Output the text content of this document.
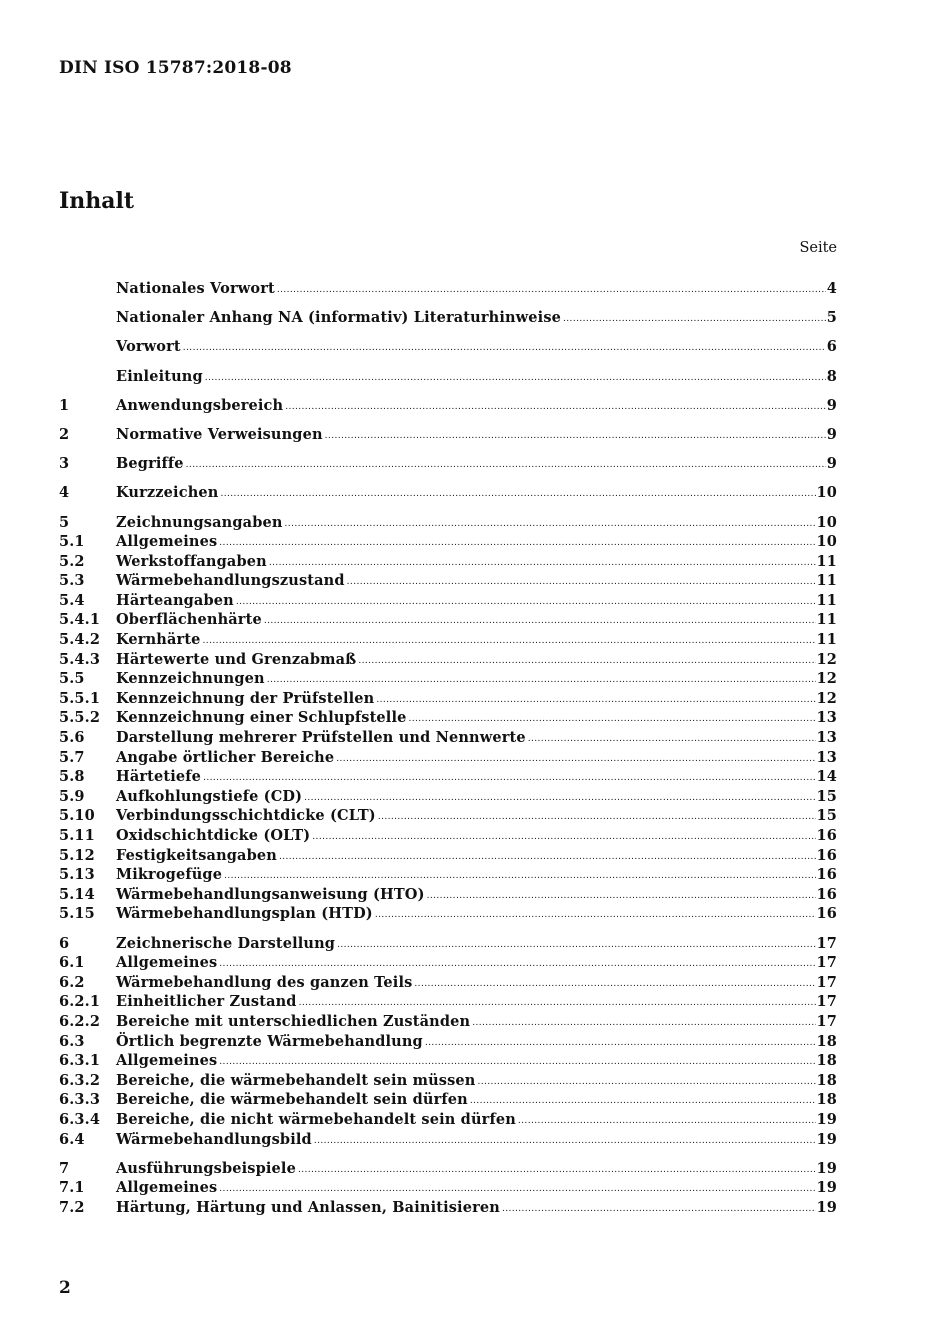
DIN ISO 15787:2018-08
Inhalt
Seite
Nationales Vorwort .....	4
Nationaler Anhang NA (informativ) Literaturhinweise .....	5
Vorwort .....	6
Einleitung .....	8
1	Anwendungsbereich .....	9
2	Normative Verweisungen .....	9
3	Begriffe .....	9
4	Kurzzeichen .....	10
5	Zeichnungsangaben .....	10
5.1	Allgemeines .....	10
5.2	Werkstoffangaben .....	11
5.3	Wärmebehandlungszustand .....	11
5.4	Härteangaben .....	11
5.4.1	Oberflächenhärte .....	11
5.4.2	Kernhärte .....	11
5.4.3	Härtewerte und Grenzabmaß .....	12
5.5	Kennzeichnungen .....	12
5.5.1	Kennzeichnung der Prüfstellen .....	12
5.5.2	Kennzeichnung einer Schlupfstelle .....	13
5.6	Darstellung mehrerer Prüfstellen und Nennwerte .....	13
5.7	Angabe örtlicher Bereiche .....	13
5.8	Härtetiefe .....	14
5.9	Aufkohlungstiefe (CD) .....	15
5.10	Verbindungsschichtdicke (CLT) .....	15
5.11	Oxidschichtdicke (OLT) .....	16
5.12	Festigkeitsangaben .....	16
5.13	Mikrogefüge .....	16
5.14	Wärmebehandlungsanweisung (HTO) .....	16
5.15	Wärmebehandlungsplan (HTD) .....	16
6	Zeichnerische Darstellung .....	17
6.1	Allgemeines .....	17
6.2	Wärmebehandlung des ganzen Teils .....	17
6.2.1	Einheitlicher Zustand .....	17
6.2.2	Bereiche mit unterschiedlichen Zuständen .....	17
6.3	Örtlich begrenzte Wärmebehandlung .....	18
6.3.1	Allgemeines .....	18
6.3.2	Bereiche, die wärmebehandelt sein müssen .....	18
6.3.3	Bereiche, die wärmebehandelt sein dürfen .....	18
6.3.4	Bereiche, die nicht wärmebehandelt sein dürfen .....	19
6.4	Wärmebehandlungsbild .....	19
7	Ausführungsbeispiele .....	19
7.1	Allgemeines .....	19
7.2	Härtung, Härtung und Anlassen, Bainitisieren .....	19
2
